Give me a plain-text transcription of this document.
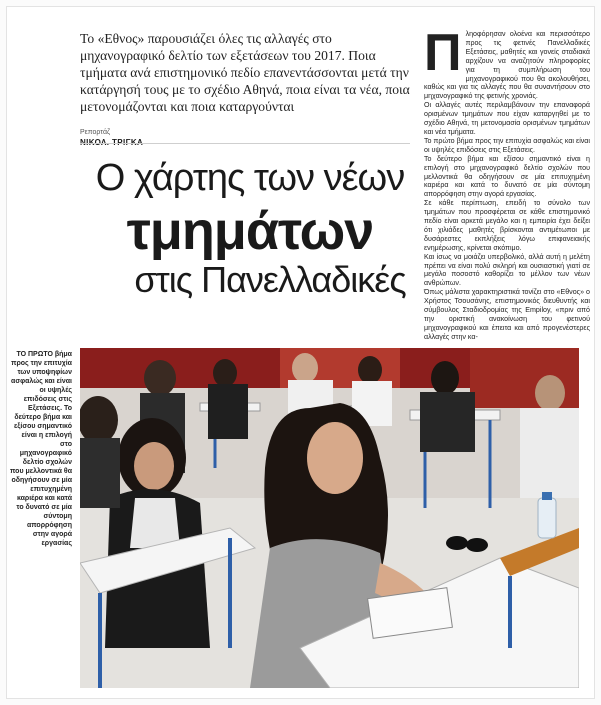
Το «Εθνος» παρουσιάζει όλες τις αλλαγές στο μηχανογραφικό δελτίο των εξετάσεων του 2017. Ποια τμήματα ανά επιστημονικό πεδίο επανεντάσσονται μετά την κατάργησή τους με το σχέδιο Αθηνά, ποια είναι τα νέα, ποια μετονομάζονται και ποια καταργούνται
Ρεπορτάζ
ΝΙΚΟΛ. ΤΡΙΓΚΑ
Ο χάρτης των νέων
τμημάτων
στις Πανελλαδικές
Π ληοφόρησαν ολοένα και περισσότερο προς τις φετινές Πανελλαδικές Εξετάσεις, μαθητές και γονείς σταδιακά αρχίζουν να αναζητούν πληροφορίες για τη συμπλήρωση του μηχανογραφικού που θα ακολουθήσει, καθώς και για τις αλλαγές που θα συναντήσουν στο μηχανογραφικό της φετινής χρονιάς.

Οι αλλαγές αυτές περιλαμβάνουν την επαναφορά ορισμένων τμημάτων που είχαν καταργηθεί με το σχέδιο Αθηνά, τη μετονομασία ορισμένων τμημάτων και νέα τμήματα.

Το πρώτο βήμα προς την επιτυχία ασφαλώς και είναι οι υψηλές επιδόσεις στις Εξετάσεις.

Το δεύτερο βήμα και εξίσου σημαντικό είναι η επιλογή στο μηχανογραφικό δελτίο σχολών που μελλοντικά θα οδηγήσουν σε μία επιτυχημένη καριέρα και κατά το δυνατό σε μία σύντομη απορρόφηση στην αγορά εργασίας.

Σε κάθε περίπτωση, επειδή το σύνολο των τμημάτων που προσφέρεται σε κάθε επιστημονικό πεδίο είναι αρκετά μεγάλο και η εμπειρία έχει δείξει ότι χιλιάδες μαθητές βρίσκονται αντιμέτωποι με δυσάρεστες εκπλήξεις λόγω επιφανειακής ενημέρωσης, κρίνεται σκόπιμο.

Και ίσως να μοιάζει υπερβολικό, αλλά αυτή η μελέτη πρέπει να είναι πολύ σκληρή και ουσιαστική γιατί σε μεγάλο ποσοστό καθορίζει το μέλλον των νέων ανθρώπων.

Όπως μάλιστα χαρακτηριστικά τονίζει στο «Εθνος» ο Χρήστος Τσουσάνης, επιστημονικός διευθυντής και σύμβουλος Σταδιοδρομίας της Empiloy, «πριν από την οριστική ανακοίνωση του φετινού μηχανογραφικού και έπειτα και από προγενέστερες αλλαγές στην κα-

ΤΟ ΠΡΩΤΟ βήμα προς την επιτυχία των υποψηφίων ασφαλώς και είναι οι υψηλές επιδόσεις στις Εξετάσεις. Το δεύτερο βήμα και εξίσου σημαντικό είναι η επιλογή στο μηχανογραφικό δελτίο σχολών που μελλοντικά θα οδηγήσουν σε μία επιτυχημένη καριέρα και κατά το δυνατό σε μία σύντομη απορρόφηση στην αγορά εργασίας
